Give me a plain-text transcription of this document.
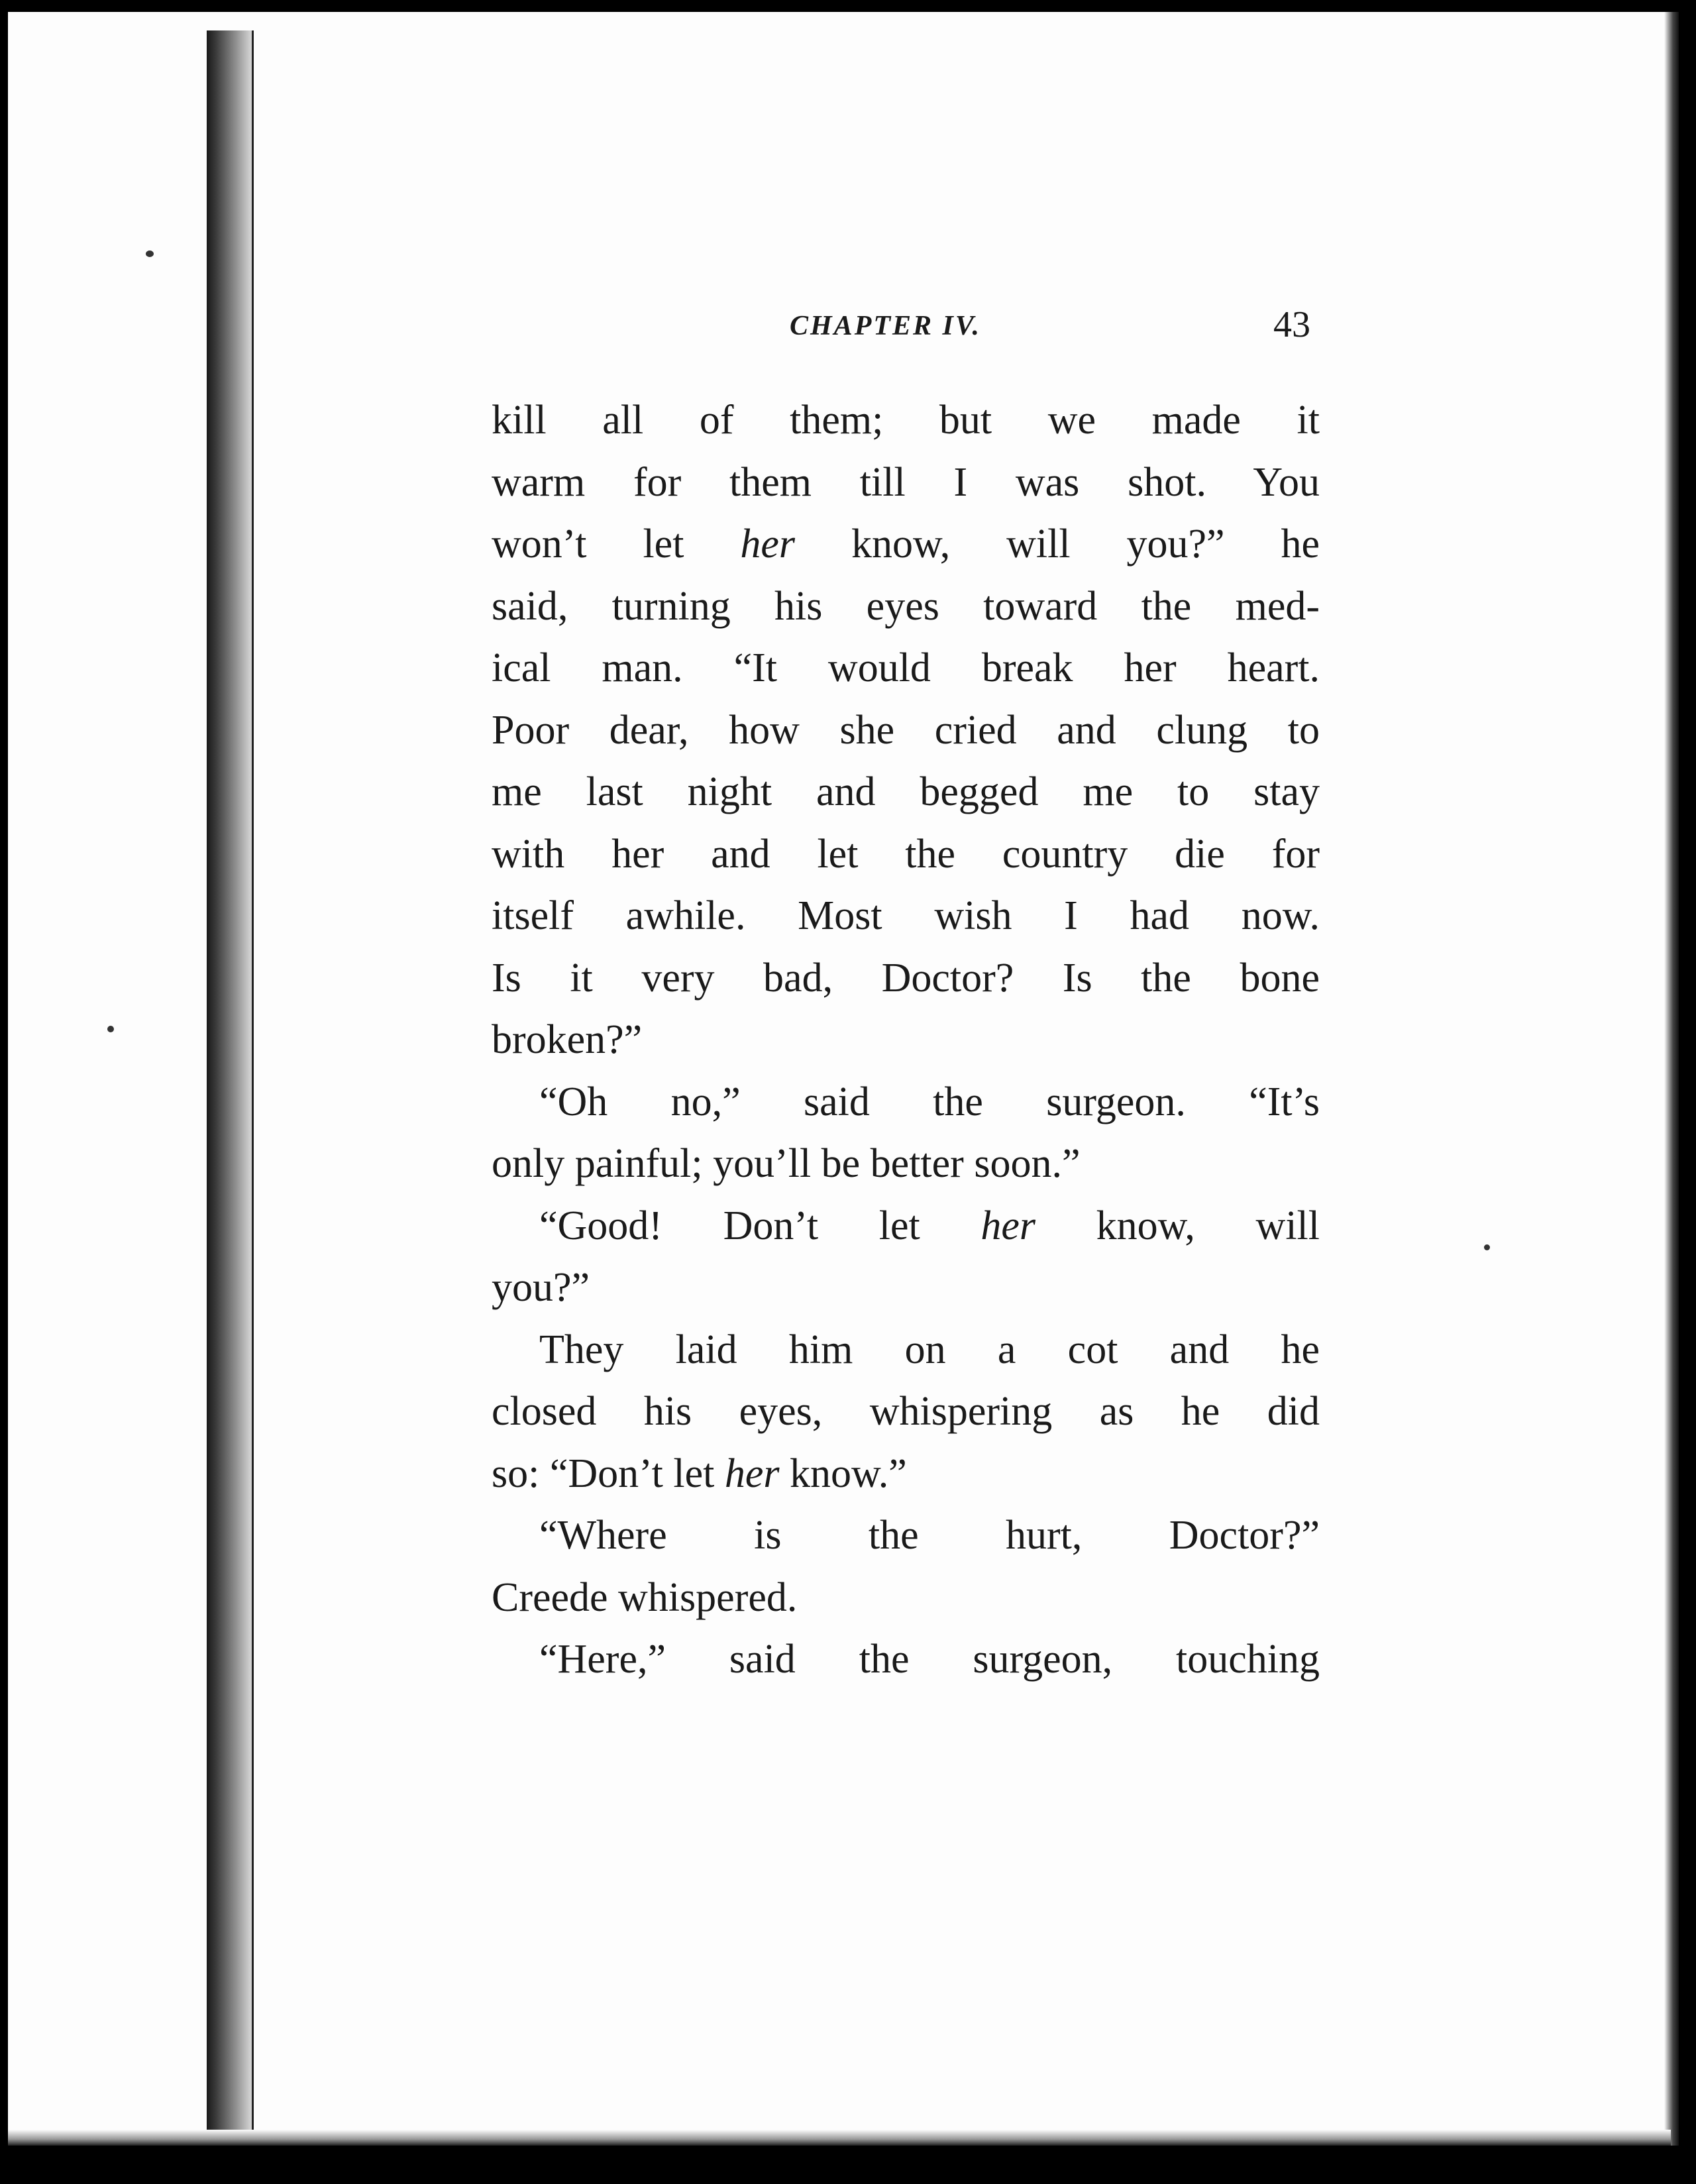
CHAPTER IV.	43
kill all of them; but we made it
warm for them till I was shot. You
won’t let her know, will you?” he
said, turning his eyes toward the med-
ical man. “It would break her heart.
Poor dear, how she cried and clung to
me last night and begged me to stay
with her and let the country die for
itself awhile. Most wish I had now.
Is it very bad, Doctor? Is the bone
broken?”
“Oh no,” said the surgeon. “It’s
only painful; you’ll be better soon.”
“Good! Don’t let her know, will
you?”
They laid him on a cot and he
closed his eyes, whispering as he did
so: “Don’t let her know.”
“Where is the hurt, Doctor?”
Creede whispered.
“Here,” said the surgeon, touching
